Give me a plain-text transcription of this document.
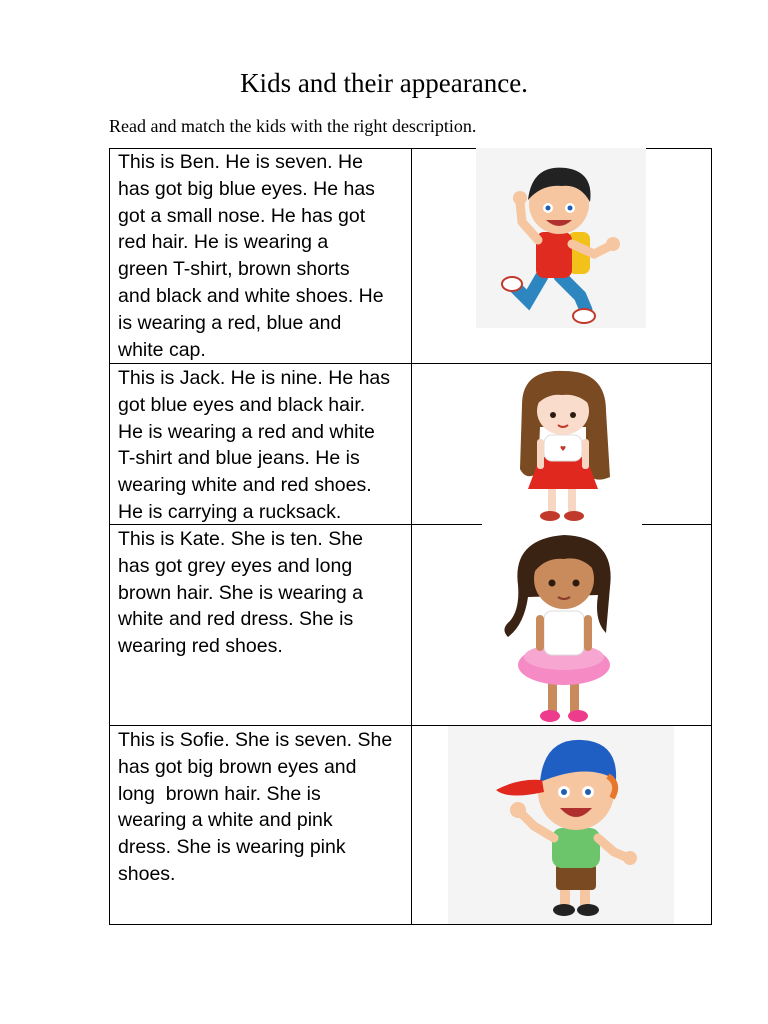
Kids and their appearance.

Read and match the kids with the right description.

This is Ben. He is seven. He
has got big blue eyes. He has
got a small nose. He has got
red hair. He is wearing a
green T-shirt, brown shorts
and black and white shoes. He
is wearing a red, blue and
white cap.

This is Jack. He is nine. He has
got blue eyes and black hair.
He is wearing a red and white
T-shirt and blue jeans. He is
wearing white and red shoes.
He is carrying a rucksack.

This is Kate. She is ten. She
has got grey eyes and long
brown hair. She is wearing a
white and red dress. She is
wearing red shoes.

This is Sofie. She is seven. She
has got big brown eyes and
long  brown hair. She is
wearing a white and pink
dress. She is wearing pink
shoes.

♥
